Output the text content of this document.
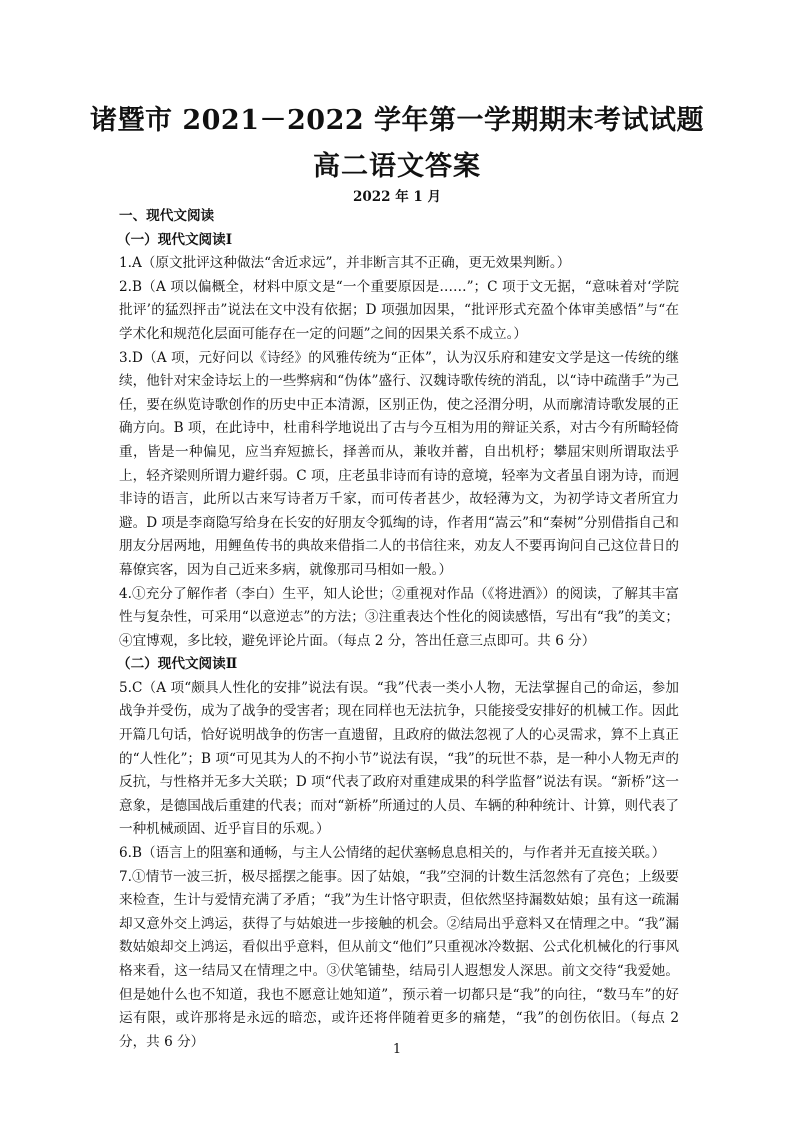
诸暨市 2021－2022 学年第一学期期末考试试题
高二语文答案
2022 年 1 月

一、现代文阅读

（一）现代文阅读Ⅰ

1.A（原文批评这种做法“舍近求远”，并非断言其不正确，更无效果判断。）

2.B（A 项以偏概全，材料中原文是“一个重要原因是……”；C 项于文无据，“意味着对‘学院批评’的猛烈抨击”说法在文中没有依据；D 项强加因果，“批评形式充盈个体审美感悟”与“在学术化和规范化层面可能存在一定的问题”之间的因果关系不成立。）

3.D（A 项，元好问以《诗经》的风雅传统为“正体”，认为汉乐府和建安文学是这一传统的继续，他针对宋金诗坛上的一些弊病和“伪体”盛行、汉魏诗歌传统的消乱，以“诗中疏凿手”为己任，要在纵览诗歌创作的历史中正本清源，区别正伪，使之泾渭分明，从而廓清诗歌发展的正确方向。B 项，在此诗中，杜甫科学地说出了古与今互相为用的辩证关系，对古今有所畸轻倚重，皆是一种偏见，应当弃短摭长，择善而从，兼收并蓄，自出机杼；攀屈宋则所谓取法乎上，轻齐梁则所谓力避纤弱。C 项，庄老虽非诗而有诗的意境，轻率为文者虽自诩为诗，而迥非诗的语言，此所以古来写诗者万千家，而可传者甚少，故轻薄为文，为初学诗文者所宜力避。D 项是李商隐写给身在长安的好朋友令狐绹的诗，作者用“嵩云”和“秦树”分别借指自己和朋友分居两地，用鲤鱼传书的典故来借指二人的书信往来，劝友人不要再询问自己这位昔日的幕僚宾客，因为自己近来多病，就像那司马相如一般。）

4.①充分了解作者（李白）生平，知人论世；②重视对作品（《将进酒》）的阅读，了解其丰富性与复杂性，可采用“以意逆志”的方法；③注重表达个性化的阅读感悟，写出有“我”的美文；④宜博观，多比较，避免评论片面。（每点 2 分，答出任意三点即可。共 6 分）

（二）现代文阅读Ⅱ

5.C（A 项“颇具人性化的安排”说法有误。“我”代表一类小人物，无法掌握自己的命运，参加战争并受伤，成为了战争的受害者；现在同样也无法抗争，只能接受安排好的机械工作。因此开篇几句话，恰好说明战争的伤害一直遗留，且政府的做法忽视了人的心灵需求，算不上真正的“人性化”；B 项“可见其为人的不拘小节”说法有误，“我”的玩世不恭，是一种小人物无声的反抗，与性格并无多大关联；D 项“代表了政府对重建成果的科学监督”说法有误。“新桥”这一意象，是德国战后重建的代表；而对“新桥”所通过的人员、车辆的种种统计、计算，则代表了一种机械顽固、近乎盲目的乐观。）

6.B（语言上的阻塞和通畅，与主人公情绪的起伏塞畅息息相关的，与作者并无直接关联。）

7.①情节一波三折，极尽摇摆之能事。因了姑娘，“我”空洞的计数生活忽然有了亮色；上级要来检查，生计与爱情充满了矛盾；“我”为生计恪守职责，但依然坚持漏数姑娘；虽有这一疏漏却又意外交上鸿运，获得了与姑娘进一步接触的机会。②结局出乎意料又在情理之中。“我”漏数姑娘却交上鸿运，看似出乎意料，但从前文“他们”只重视冰冷数据、公式化机械化的行事风格来看，这一结局又在情理之中。③伏笔铺垫，结局引人遐想发人深思。前文交待“我爱她。但是她什么也不知道，我也不愿意让她知道”，预示着一切都只是“我”的向往，“数马车”的好运有限，或许那将是永远的暗恋，或许还将伴随着更多的痛楚，“我”的创伤依旧。（每点 2 分，共 6 分）	1
